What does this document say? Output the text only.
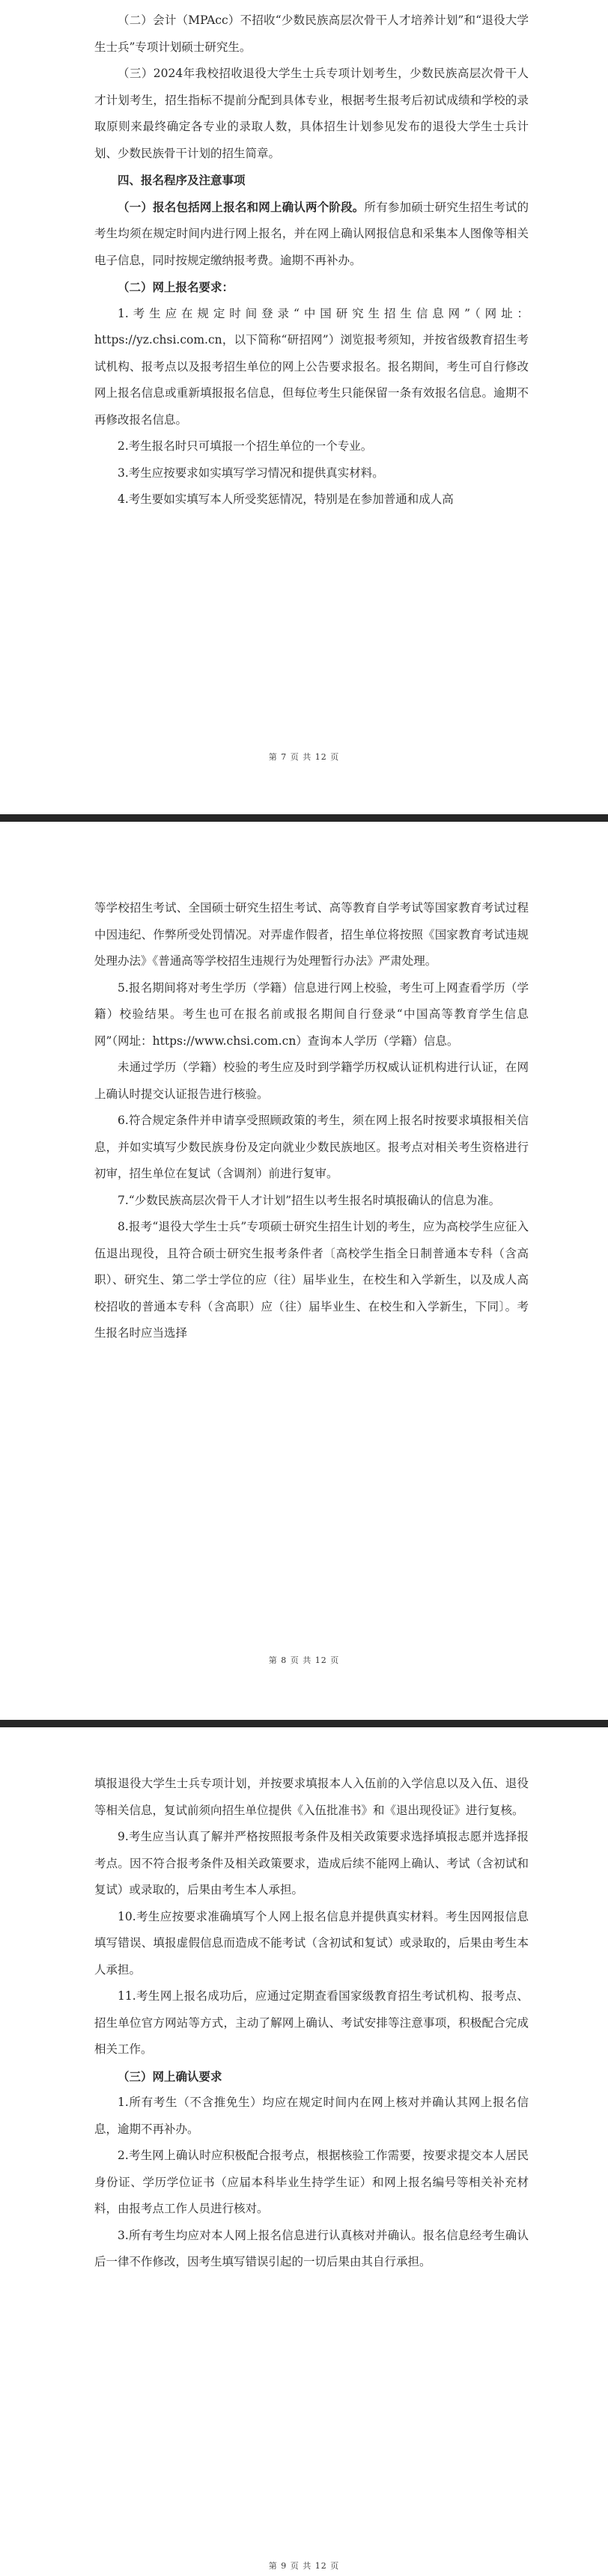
（二）会计（MPAcc）不招收“少数民族高层次骨干人才培养计划”和“退役大学生士兵”专项计划硕士研究生。

（三）2024年我校招收退役大学生士兵专项计划考生，少数民族高层次骨干人才计划考生，招生指标不提前分配到具体专业，根据考生报考后初试成绩和学校的录取原则来最终确定各专业的录取人数，具体招生计划参见发布的退役大学生士兵计划、少数民族骨干计划的招生简章。

四、报名程序及注意事项

（一）报名包括网上报名和网上确认两个阶段。所有参加硕士研究生招生考试的考生均须在规定时间内进行网上报名，并在网上确认网报信息和采集本人图像等相关电子信息，同时按规定缴纳报考费。逾期不再补办。

（二）网上报名要求：

1.考生应在规定时间登录“中国研究生招生信息网”（网址：https://yz.chsi.com.cn，以下简称“研招网”）浏览报考须知，并按省级教育招生考试机构、报考点以及报考招生单位的网上公告要求报名。报名期间，考生可自行修改网上报名信息或重新填报报名信息，但每位考生只能保留一条有效报名信息。逾期不再修改报名信息。

2.考生报名时只可填报一个招生单位的一个专业。

3.考生应按要求如实填写学习情况和提供真实材料。

4.考生要如实填写本人所受奖惩情况，特别是在参加普通和成人高

第 7 页 共 12 页

等学校招生考试、全国硕士研究生招生考试、高等教育自学考试等国家教育考试过程中因违纪、作弊所受处罚情况。对弄虚作假者，招生单位将按照《国家教育考试违规处理办法》《普通高等学校招生违规行为处理暂行办法》严肃处理。

5.报名期间将对考生学历（学籍）信息进行网上校验，考生可上网查看学历（学籍）校验结果。考生也可在报名前或报名期间自行登录“中国高等教育学生信息网”（网址：https://www.chsi.com.cn）查询本人学历（学籍）信息。

未通过学历（学籍）校验的考生应及时到学籍学历权威认证机构进行认证，在网上确认时提交认证报告进行核验。

6.符合规定条件并申请享受照顾政策的考生，须在网上报名时按要求填报相关信息，并如实填写少数民族身份及定向就业少数民族地区。报考点对相关考生资格进行初审，招生单位在复试（含调剂）前进行复审。

7.“少数民族高层次骨干人才计划”招生以考生报名时填报确认的信息为准。

8.报考“退役大学生士兵”专项硕士研究生招生计划的考生，应为高校学生应征入伍退出现役，且符合硕士研究生报考条件者〔高校学生指全日制普通本专科（含高职）、研究生、第二学士学位的应（往）届毕业生，在校生和入学新生，以及成人高校招收的普通本专科（含高职）应（往）届毕业生、在校生和入学新生，下同〕。考生报名时应当选择

第 8 页 共 12 页

填报退役大学生士兵专项计划，并按要求填报本人入伍前的入学信息以及入伍、退役等相关信息，复试前须向招生单位提供《入伍批准书》和《退出现役证》进行复核。

9.考生应当认真了解并严格按照报考条件及相关政策要求选择填报志愿并选择报考点。因不符合报考条件及相关政策要求，造成后续不能网上确认、考试（含初试和复试）或录取的，后果由考生本人承担。

10.考生应按要求准确填写个人网上报名信息并提供真实材料。考生因网报信息填写错误、填报虚假信息而造成不能考试（含初试和复试）或录取的，后果由考生本人承担。

11.考生网上报名成功后，应通过定期查看国家级教育招生考试机构、报考点、招生单位官方网站等方式，主动了解网上确认、考试安排等注意事项，积极配合完成相关工作。

（三）网上确认要求

1.所有考生（不含推免生）均应在规定时间内在网上核对并确认其网上报名信息，逾期不再补办。

2.考生网上确认时应积极配合报考点，根据核验工作需要，按要求提交本人居民身份证、学历学位证书（应届本科毕业生持学生证）和网上报名编号等相关补充材料，由报考点工作人员进行核对。

3.所有考生均应对本人网上报名信息进行认真核对并确认。报名信息经考生确认后一律不作修改，因考生填写错误引起的一切后果由其自行承担。

第 9 页 共 12 页
